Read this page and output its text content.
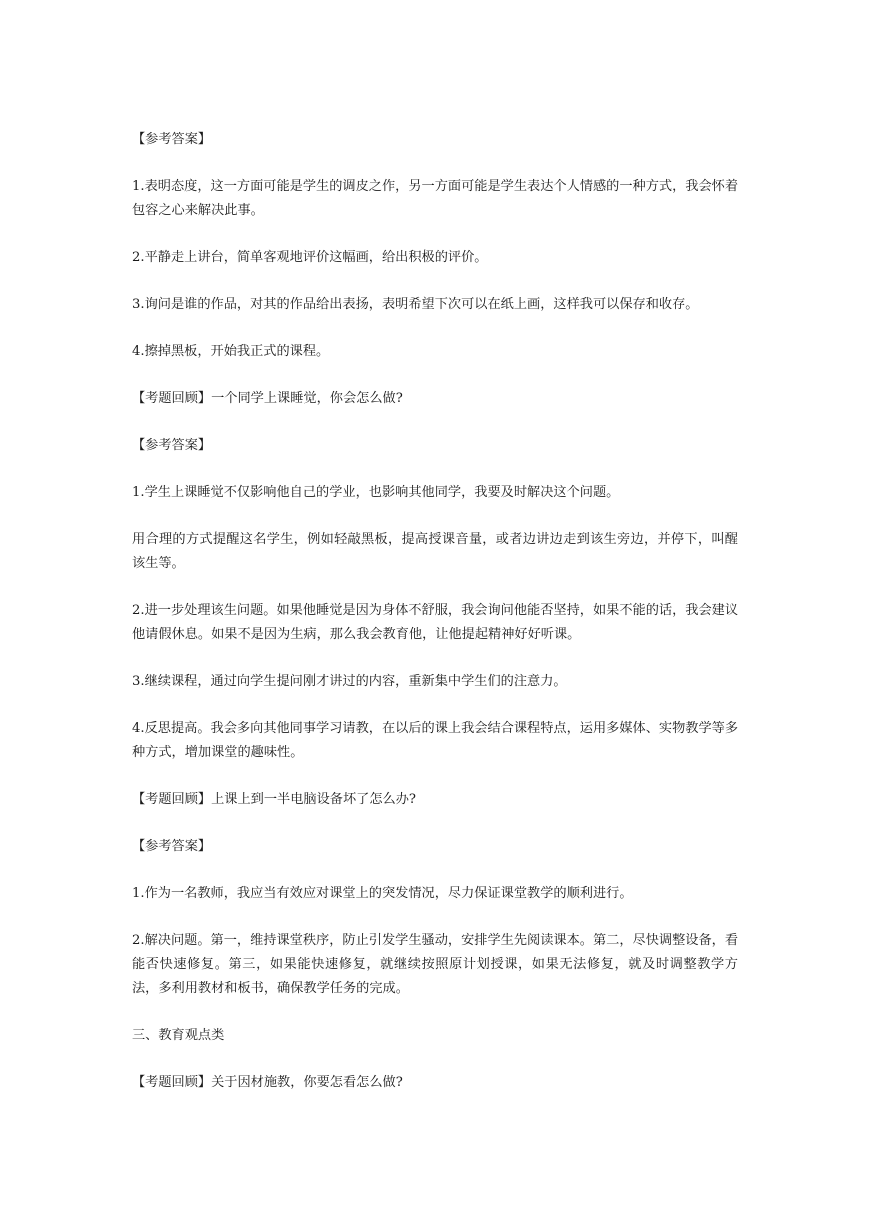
【参考答案】

1.表明态度，这一方面可能是学生的调皮之作，另一方面可能是学生表达个人情感的一种方式，我会怀着包容之心来解决此事。

2.平静走上讲台，简单客观地评价这幅画，给出积极的评价。

3.询问是谁的作品，对其的作品给出表扬，表明希望下次可以在纸上画，这样我可以保存和收存。

4.擦掉黑板，开始我正式的课程。

【考题回顾】一个同学上课睡觉，你会怎么做?

【参考答案】

1.学生上课睡觉不仅影响他自己的学业，也影响其他同学，我要及时解决这个问题。

用合理的方式提醒这名学生，例如轻敲黑板，提高授课音量，或者边讲边走到该生旁边，并停下，叫醒该生等。

2.进一步处理该生问题。如果他睡觉是因为身体不舒服，我会询问他能否坚持，如果不能的话，我会建议他请假休息。如果不是因为生病，那么我会教育他，让他提起精神好好听课。

3.继续课程，通过向学生提问刚才讲过的内容，重新集中学生们的注意力。

4.反思提高。我会多向其他同事学习请教，在以后的课上我会结合课程特点，运用多媒体、实物教学等多种方式，增加课堂的趣味性。

【考题回顾】上课上到一半电脑设备坏了怎么办?

【参考答案】

1.作为一名教师，我应当有效应对课堂上的突发情况，尽力保证课堂教学的顺利进行。

2.解决问题。第一，维持课堂秩序，防止引发学生骚动，安排学生先阅读课本。第二，尽快调整设备，看能否快速修复。第三，如果能快速修复，就继续按照原计划授课，如果无法修复，就及时调整教学方法，多利用教材和板书，确保教学任务的完成。

三、教育观点类

【考题回顾】关于因材施教，你要怎看怎么做?
